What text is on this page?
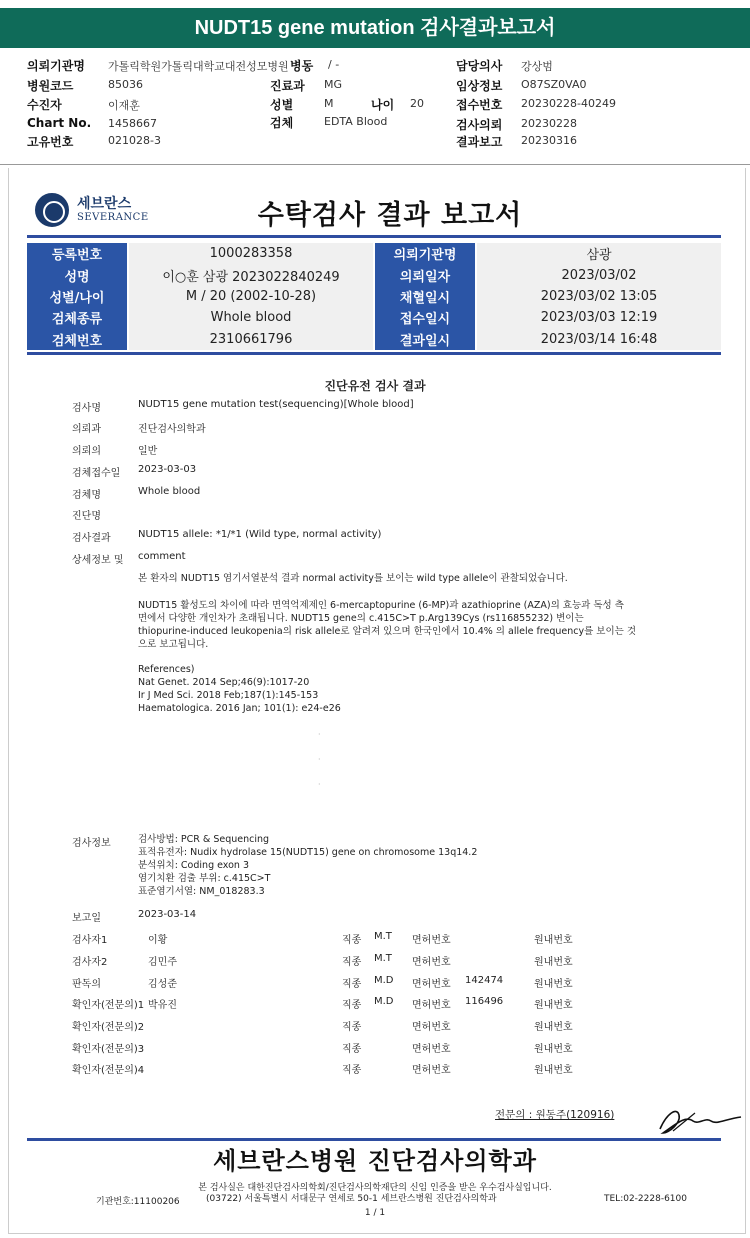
NUDT15 gene mutation 검사결과보고서
의뢰기관명 가톨릭학원가톨릭대학교대전성모병원
병원코드	85036
수진자	이재훈
Chart No. 1458667
고유번호	021028-3
병동 / -
진료과 MG
성별	M	나이 20
검체	EDTA Blood
담당의사 강상범
임상정보 O87SZ0VA0
접수번호 20230228-40249
검사의뢰 20230228
결과보고 20230316
세브란스
SEVERANCE	수탁검사 결과 보고서
등록번호		1000283358		의뢰기관명		삼광
성명		이○훈 삼광 2023022840249		의뢰일자		2023/03/02
성별/나이		M / 20 (2002-10-28)		채혈일시		2023/03/02 13:05
검체종류		Whole blood		접수일시		2023/03/03 12:19
검체번호		2310661796		결과일시		2023/03/14 16:48
진단유전 검사 결과
검사명	NUDT15 gene mutation test(sequencing)[Whole blood]
의뢰과	진단검사의학과
의뢰의	일반
검체접수일 2023-03-03
검체명	Whole blood
진단명
검사결과	NUDT15 allele: *1/*1 (Wild type, normal activity)
상세정보 및 comment
본 환자의 NUDT15 염기서열분석 결과 normal activity를 보이는 wild type allele이 관찰되었습니다.
NUDT15 활성도의 차이에 따라 면역억제제인 6-mercaptopurine (6-MP)과 azathioprine (AZA)의 효능과 독성 측
면에서 다양한 개인차가 초래됩니다. NUDT15 gene의 c.415C>T p.Arg139Cys (rs116855232) 변이는
thiopurine-induced leukopenia의 risk allele로 알려져 있으며 한국인에서 10.4% 의 allele frequency를 보이는 것
으로 보고됩니다.
References)
Nat Genet. 2014 Sep;46(9):1017-20
Ir J Med Sci. 2018 Feb;187(1):145-153
Haematologica. 2016 Jan; 101(1): e24-e26
·
·
·
검사정보	검사방법: PCR & Sequencing
표적유전자: Nudix hydrolase 15(NUDT15) gene on chromosome 13q14.2
분석위치: Coding exon 3
염기치환 검출 부위: c.415C>T
표준염기서열: NM_018283.3
보고일	2023-03-14
검사자1	이황	직종 M.T 면허번호	원내번호
검사자2	김민주	직종 M.T 면허번호	원내번호
판독의	김성준	직종 M.D 면허번호 142474	원내번호
확인자(전문의)1 박유진	직종 M.D 면허번호 116496	원내번호
확인자(전문의)2	직종	면허번호	원내번호
확인자(전문의)3	직종	면허번호	원내번호
확인자(전문의)4	직종	면허번호	원내번호
전문의 : 원동주(120916)
세브란스병원 진단검사의학과
본 검사실은 대한진단검사의학회/진단검사의학재단의 신임 인증을 받은 우수검사실입니다.
기관번호:11100206	(03722) 서울특별시 서대문구 연세로 50-1 세브란스병원 진단검사의학과	TEL:02-2228-6100
1 / 1
